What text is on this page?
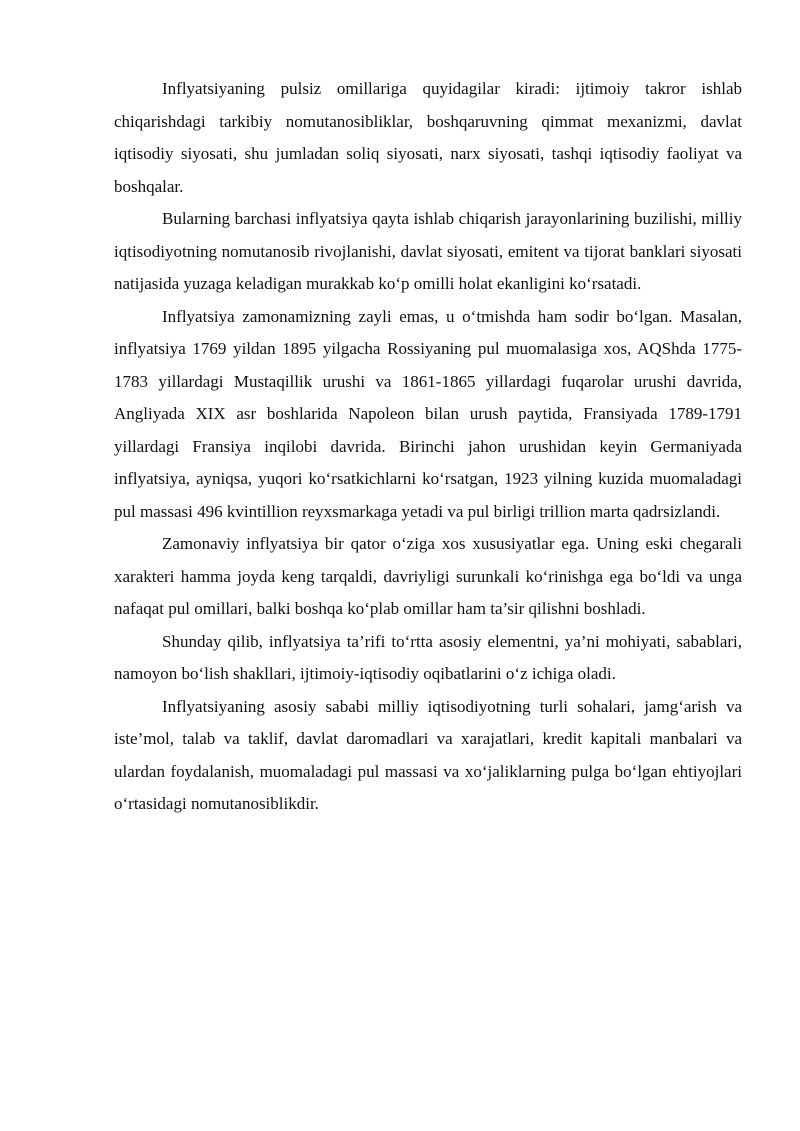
Inflyatsiyaning pulsiz omillariga quyidagilar kiradi: ijtimoiy takror ishlab chiqarishdagi tarkibiy nomutanosibliklar, boshqaruvning qimmat mexanizmi, davlat iqtisodiy siyosati, shu jumladan soliq siyosati, narx siyosati, tashqi iqtisodiy faoliyat va boshqalar.

Bularning barchasi inflyatsiya qayta ishlab chiqarish jarayonlarining buzilishi, milliy iqtisodiyotning nomutanosib rivojlanishi, davlat siyosati, emitent va tijorat banklari siyosati natijasida yuzaga keladigan murakkab ko‘p omilli holat ekanligini ko‘rsatadi.

Inflyatsiya zamonamizning zayli emas, u o‘tmishda ham sodir bo‘lgan. Masalan, inflyatsiya 1769 yildan 1895 yilgacha Rossiyaning pul muomalasiga xos, AQShda 1775-1783 yillardagi Mustaqillik urushi va 1861-1865 yillardagi fuqarolar urushi davrida, Angliyada XIX asr boshlarida Napoleon bilan urush paytida, Fransiyada 1789-1791 yillardagi Fransiya inqilobi davrida. Birinchi jahon urushidan keyin Germaniyada inflyatsiya, ayniqsa, yuqori ko‘rsatkichlarni ko‘rsatgan, 1923 yilning kuzida muomaladagi pul massasi 496 kvintillion reyxsmarkaga yetadi va pul birligi trillion marta qadrsizlandi.

Zamonaviy inflyatsiya bir qator o‘ziga xos xususiyatlar ega. Uning eski chegarali xarakteri hamma joyda keng tarqaldi, davriyligi surunkali ko‘rinishga ega bo‘ldi va unga nafaqat pul omillari, balki boshqa ko‘plab omillar ham ta’sir qilishni boshladi.

Shunday qilib, inflyatsiya ta’rifi to‘rtta asosiy elementni, ya’ni mohiyati, sabablari, namoyon bo‘lish shakllari, ijtimoiy-iqtisodiy oqibatlarini o‘z ichiga oladi.

Inflyatsiyaning asosiy sababi milliy iqtisodiyotning turli sohalari, jamg‘arish va iste’mol, talab va taklif, davlat daromadlari va xarajatlari, kredit kapitali manbalari va ulardan foydalanish, muomaladagi pul massasi va xo‘jaliklarning pulga bo‘lgan ehtiyojlari o‘rtasidagi nomutanosiblikdir.
